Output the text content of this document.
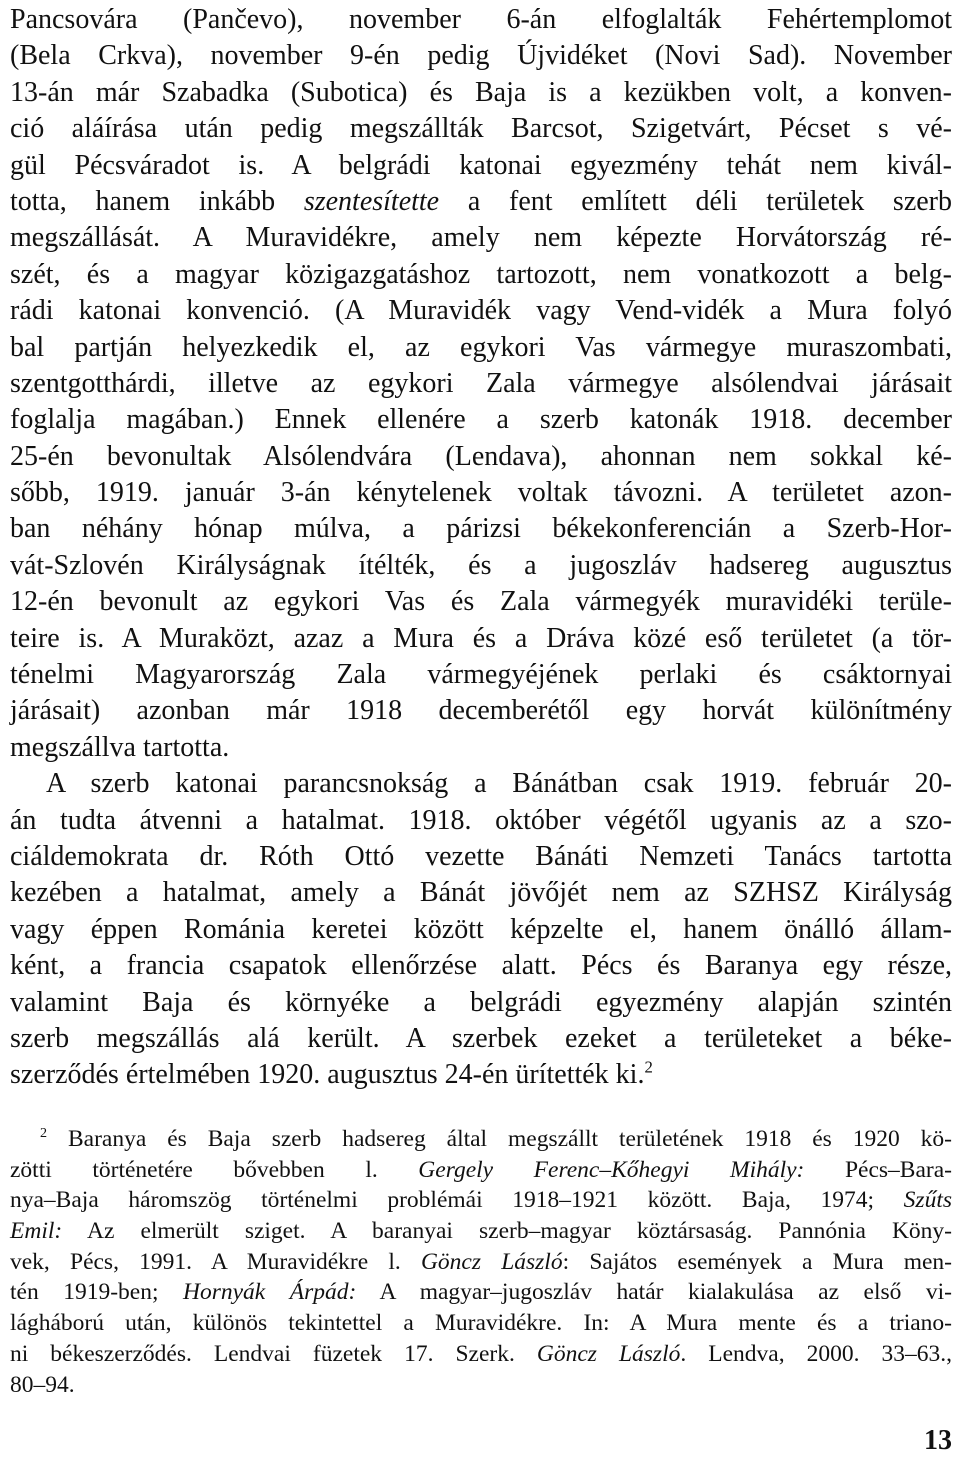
Pancsovára (Pančevo), november 6-án elfoglalták Fehértemplomot
(Bela Crkva), november 9-én pedig Újvidéket (Novi Sad). November
13-án már Szabadka (Subotica) és Baja is a kezükben volt, a konven-
ció aláírása után pedig megszállták Barcsot, Szigetvárt, Pécset s vé-
gül Pécsváradot is. A belgrádi katonai egyezmény tehát nem kivál-
totta, hanem inkább szentesítette a fent említett déli területek szerb
megszállását. A Muravidékre, amely nem képezte Horvátország ré-
szét, és a magyar közigazgatáshoz tartozott, nem vonatkozott a belg-
rádi katonai konvenció. (A Muravidék vagy Vend-vidék a Mura folyó
bal partján helyezkedik el, az egykori Vas vármegye muraszombati,
szentgotthárdi, illetve az egykori Zala vármegye alsólendvai járásait
foglalja magában.) Ennek ellenére a szerb katonák 1918. december
25-én bevonultak Alsólendvára (Lendava), ahonnan nem sokkal ké-
sőbb, 1919. január 3-án kénytelenek voltak távozni. A területet azon-
ban néhány hónap múlva, a párizsi békekonferencián a Szerb-Hor-
vát-Szlovén Királyságnak ítélték, és a jugoszláv hadsereg augusztus
12-én bevonult az egykori Vas és Zala vármegyék muravidéki terüle-
teire is. A Muraközt, azaz a Mura és a Dráva közé eső területet (a tör-
ténelmi Magyarország Zala vármegyéjének perlaki és csáktornyai
járásait) azonban már 1918 decemberétől egy horvát különítmény
megszállva tartotta.
A szerb katonai parancsnokság a Bánátban csak 1919. február 20-
án tudta átvenni a hatalmat. 1918. október végétől ugyanis az a szo-
ciáldemokrata dr. Róth Ottó vezette Bánáti Nemzeti Tanács tartotta
kezében a hatalmat, amely a Bánát jövőjét nem az SZHSZ Királyság
vagy éppen Románia keretei között képzelte el, hanem önálló állam-
ként, a francia csapatok ellenőrzése alatt. Pécs és Baranya egy része,
valamint Baja és környéke a belgrádi egyezmény alapján szintén
szerb megszállás alá került. A szerbek ezeket a területeket a béke-
szerződés értelmében 1920. augusztus 24-én ürítették ki.$^2$
$^2$ Baranya és Baja szerb hadsereg által megszállt területének 1918 és 1920 kö-
zötti történetére bővebben l. Gergely Ferenc–Kőhegyi Mihály: Pécs–Bara-
nya–Baja háromszög történelmi problémái 1918–1921 között. Baja, 1974; Szűts
Emil: Az elmerült sziget. A baranyai szerb–magyar köztársaság. Pannónia Köny-
vek, Pécs, 1991. A Muravidékre l. Göncz László: Sajátos események a Mura men-
tén 1919-ben; Hornyák Árpád: A magyar–jugoszláv határ kialakulása az első vi-
lágháború után, különös tekintettel a Muravidékre. In: A Mura mente és a triano-
ni békeszerződés. Lendvai füzetek 17. Szerk. Göncz László. Lendva, 2000. 33–63.,
80–94.
13
